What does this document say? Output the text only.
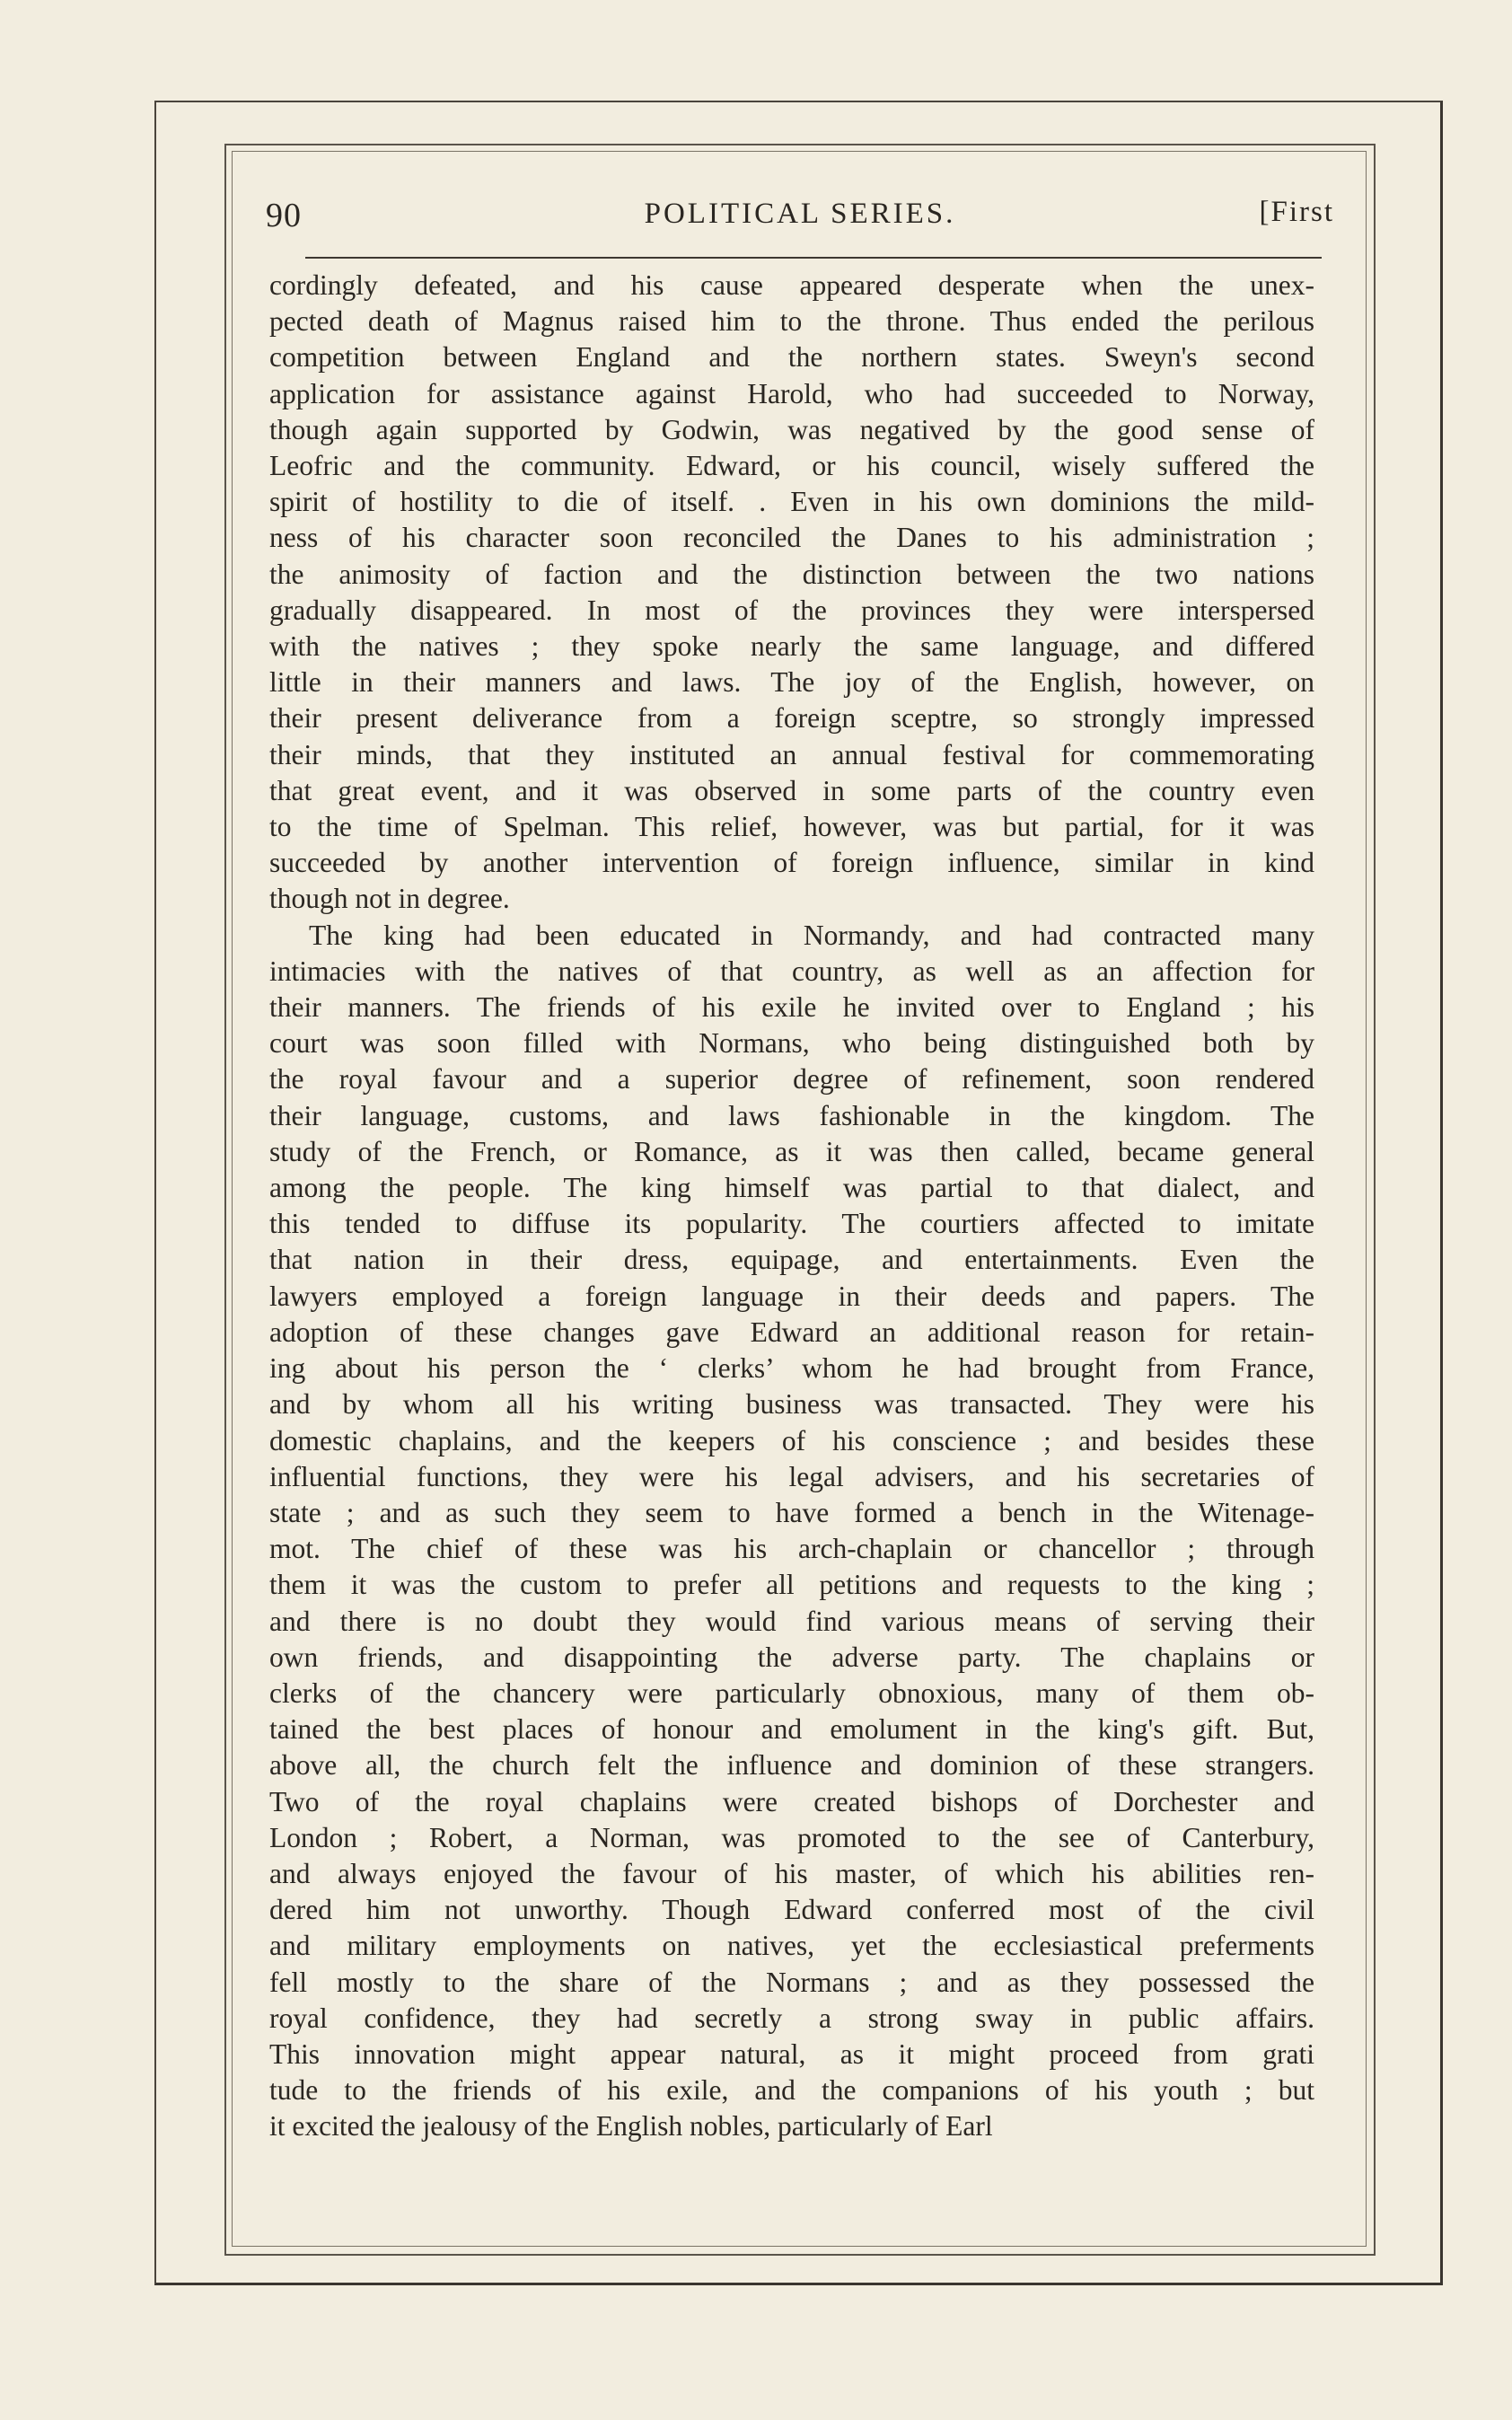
90	POLITICAL SERIES.	[First
cordingly defeated, and his cause appeared desperate when the unex-
pected death of Magnus raised him to the throne. Thus ended the perilous
competition between England and the northern states. Sweyn's second
application for assistance against Harold, who had succeeded to Norway,
though again supported by Godwin, was negatived by the good sense of
Leofric and the community. Edward, or his council, wisely suffered the
spirit of hostility to die of itself. . Even in his own dominions the mild-
ness of his character soon reconciled the Danes to his administration ;
the animosity of faction and the distinction between the two nations
gradually disappeared. In most of the provinces they were interspersed
with the natives ; they spoke nearly the same language, and differed
little in their manners and laws. The joy of the English, however, on
their present deliverance from a foreign sceptre, so strongly impressed
their minds, that they instituted an annual festival for commemorating
that great event, and it was observed in some parts of the country even
to the time of Spelman. This relief, however, was but partial, for it was
succeeded by another intervention of foreign influence, similar in kind
though not in degree.
The king had been educated in Normandy, and had contracted many
intimacies with the natives of that country, as well as an affection for
their manners. The friends of his exile he invited over to England ; his
court was soon filled with Normans, who being distinguished both by
the royal favour and a superior degree of refinement, soon rendered
their language, customs, and laws fashionable in the kingdom. The
study of the French, or Romance, as it was then called, became general
among the people. The king himself was partial to that dialect, and
this tended to diffuse its popularity. The courtiers affected to imitate
that nation in their dress, equipage, and entertainments. Even the
lawyers employed a foreign language in their deeds and papers. The
adoption of these changes gave Edward an additional reason for retain-
ing about his person the ‘ clerks’ whom he had brought from France,
and by whom all his writing business was transacted. They were his
domestic chaplains, and the keepers of his conscience ; and besides these
influential functions, they were his legal advisers, and his secretaries of
state ; and as such they seem to have formed a bench in the Witenage-
mot. The chief of these was his arch-chaplain or chancellor ; through
them it was the custom to prefer all petitions and requests to the king ;
and there is no doubt they would find various means of serving their
own friends, and disappointing the adverse party. The chaplains or
clerks of the chancery were particularly obnoxious, many of them ob-
tained the best places of honour and emolument in the king's gift. But,
above all, the church felt the influence and dominion of these strangers.
Two of the royal chaplains were created bishops of Dorchester and
London ; Robert, a Norman, was promoted to the see of Canterbury,
and always enjoyed the favour of his master, of which his abilities ren-
dered him not unworthy. Though Edward conferred most of the civil
and military employments on natives, yet the ecclesiastical preferments
fell mostly to the share of the Normans ; and as they possessed the
royal confidence, they had secretly a strong sway in public affairs.
This innovation might appear natural, as it might proceed from grati
tude to the friends of his exile, and the companions of his youth ; but
it excited the jealousy of the English nobles, particularly of Earl
